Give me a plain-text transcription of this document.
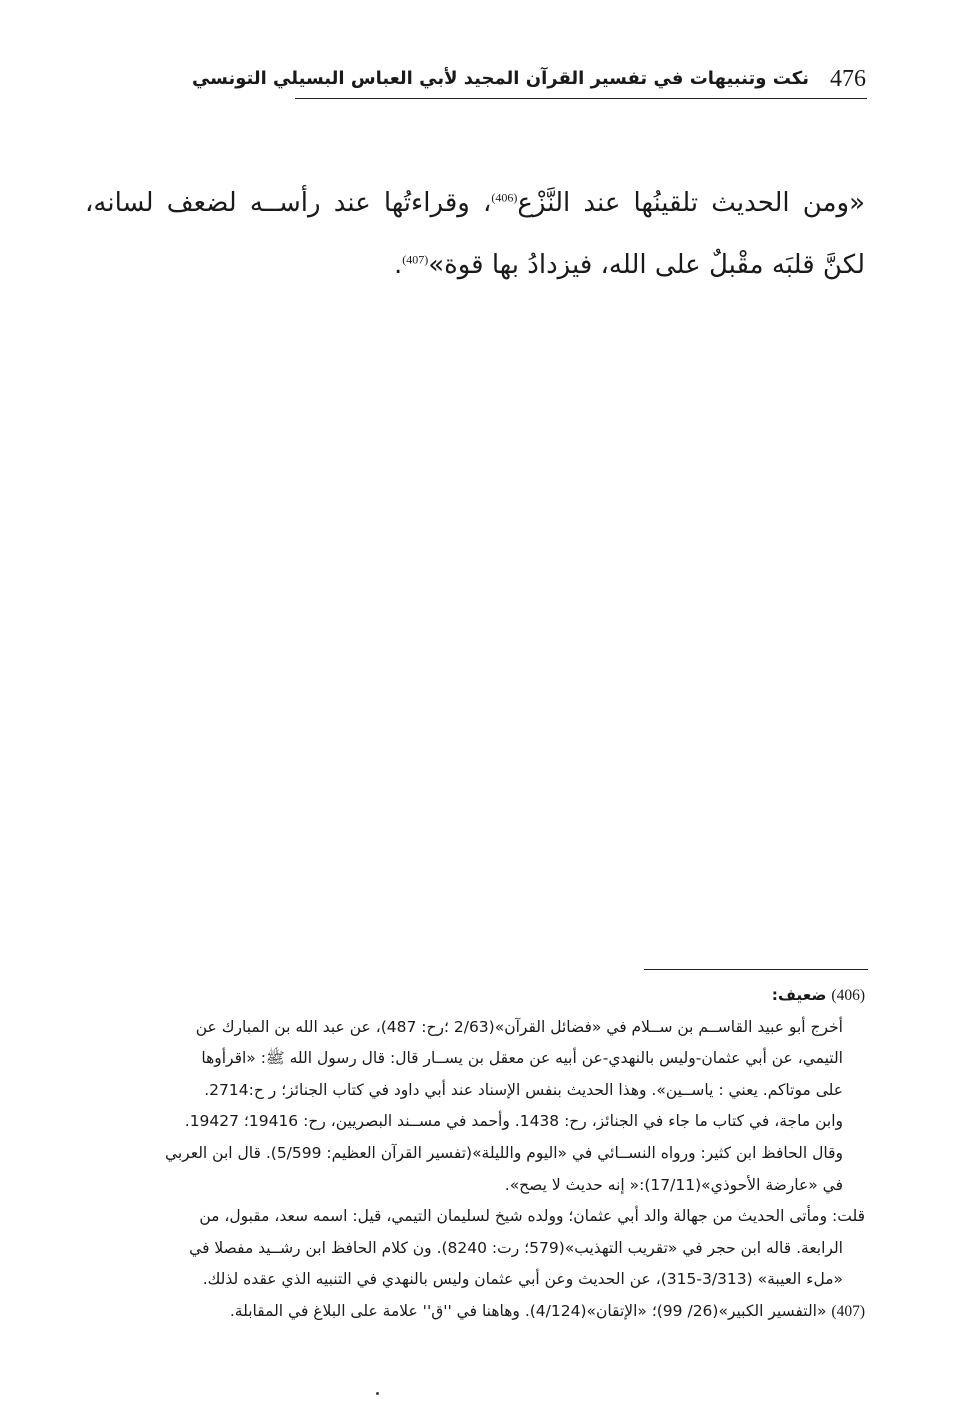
476
نكت وتنبيهات في تفسير القرآن المجيد لأبي العباس البسيلي التونسي

«ومن الحديث تلقينُها عند النَّزْع$^{(406)}$، وقراءتُها عند رأســه لضعف لسانه، لكنَّ قلبَه مقْبلٌ على الله، فيزدادُ بها قوة»$^{(407)}$.

(406) ضعيف:

أخرج أبو عبيد القاســم بن ســلام في «فضائل القرآن»(2/63 ؛رح: 487)، عن عبد الله بن المبارك عن

التيمي، عن أبي عثمان-وليس بالنهدي-عن أبيه عن معقل بن يســار قال: قال رسول الله ﷺ: «اقرأوها

على موتاكم. يعني : ياســين». وهذا الحديث بنفس الإسناد عند أبي داود في كتاب الجنائز؛ ر ح:2714.

وابن ماجة، في كتاب ما جاء في الجنائز، رح: 1438. وأحمد في مســند البصريين، رح: 19416؛ 19427.

وقال الحافظ ابن كثير: ورواه النســائي في «اليوم والليلة»(تفسير القرآن العظيم: 5/599). قال ابن العربي

في «عارضة الأحوذي»(17/11):« إنه حديث لا يصح».

قلت: ومأتى الحديث من جهالة والد أبي عثمان؛ وولده شيخ لسليمان التيمي، قيل: اسمه سعد، مقبول، من

الرابعة. قاله ابن حجر في «تقريب التهذيب»(579؛ رت: 8240). ون كلام الحافظ ابن رشــيد مفصلا في

«ملء العيبة» (3/313-315)، عن الحديث وعن أبي عثمان وليس بالنهدي في التنبيه الذي عقده لذلك.

(407) «التفسير الكبير»(26/ 99)؛ «الإتقان»(4/124). وهاهنا في ''ق'' علامة على البلاغ في المقابلة.
